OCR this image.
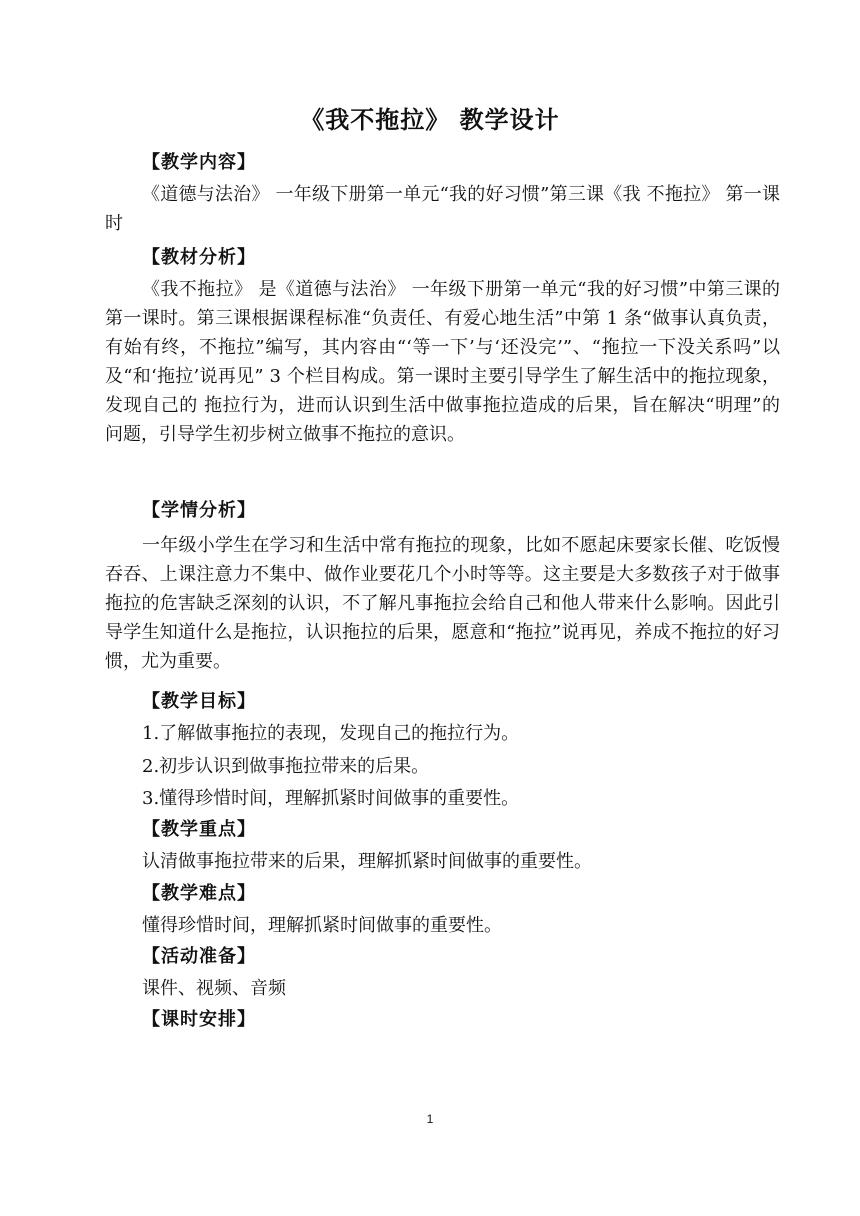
《我不拖拉》 教学设计
【教学内容】

《道德与法治》 一年级下册第一单元“我的好习惯”第三课《我 不拖拉》 第一课时

【教材分析】

《我不拖拉》 是《道德与法治》 一年级下册第一单元“我的好习惯”中第三课的第一课时。第三课根据课程标准“负责任、有爱心地生活”中第 1 条“做事认真负责，有始有终，不拖拉”编写，其内容由“‘等一下’与‘还没完’”、“拖拉一下没关系吗”以及“和‘拖拉’说再见” 3 个栏目构成。第一课时主要引导学生了解生活中的拖拉现象，发现自己的 拖拉行为，进而认识到生活中做事拖拉造成的后果，旨在解决“明理”的 问题，引导学生初步树立做事不拖拉的意识。

【学情分析】

一年级小学生在学习和生活中常有拖拉的现象，比如不愿起床要家长催、吃饭慢吞吞、上课注意力不集中、做作业要花几个小时等等。这主要是大多数孩子对于做事拖拉的危害缺乏深刻的认识，不了解凡事拖拉会给自己和他人带来什么影响。因此引导学生知道什么是拖拉，认识拖拉的后果，愿意和“拖拉”说再见，养成不拖拉的好习惯，尤为重要。

【教学目标】
1.了解做事拖拉的表现，发现自己的拖拉行为。
2.初步认识到做事拖拉带来的后果。
3.懂得珍惜时间，理解抓紧时间做事的重要性。
【教学重点】
认清做事拖拉带来的后果，理解抓紧时间做事的重要性。
【教学难点】
懂得珍惜时间，理解抓紧时间做事的重要性。
【活动准备】
课件、视频、音频
【课时安排】
1
